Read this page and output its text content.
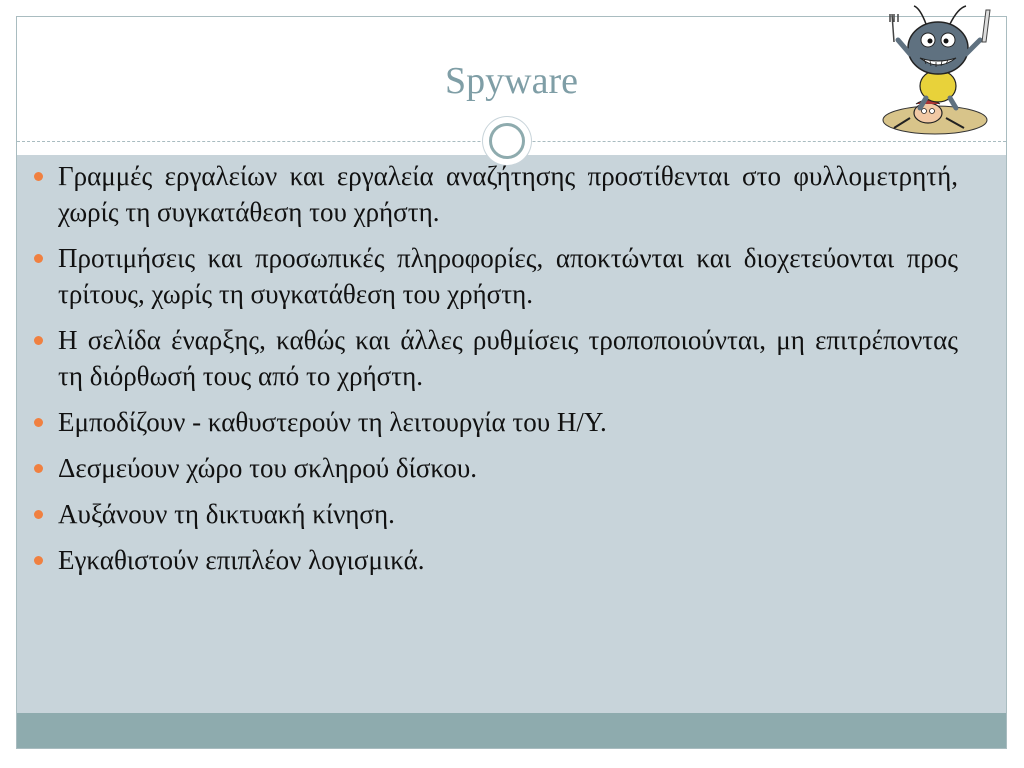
Spyware
Γραμμές εργαλείων και εργαλεία αναζήτησης προστίθενται στο φυλλομετρητή, χωρίς τη συγκατάθεση του χρήστη.
Προτιμήσεις και προσωπικές πληροφορίες, αποκτώνται και διοχετεύονται προς τρίτους, χωρίς τη συγκατάθεση του χρήστη.
Η σελίδα έναρξης, καθώς και άλλες ρυθμίσεις τροποποιούνται, μη επιτρέποντας τη διόρθωσή τους από το χρήστη.
Εμποδίζουν - καθυστερούν τη λειτουργία του Η/Υ.
Δεσμεύουν χώρο του σκληρού δίσκου.
Αυξάνουν τη δικτυακή κίνηση.
Εγκαθιστούν επιπλέον λογισμικά.
